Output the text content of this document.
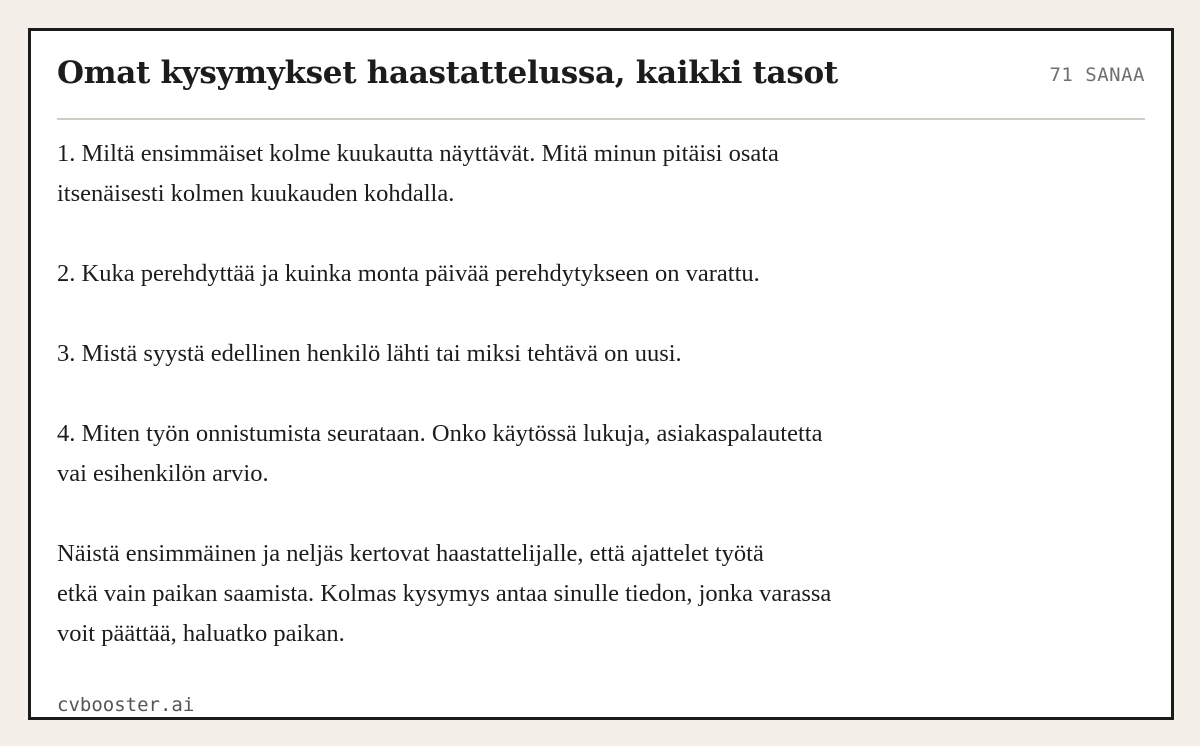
Omat kysymykset haastattelussa, kaikki tasot	71 SANAA

1. Miltä ensimmäiset kolme kuukautta näyttävät. Mitä minun pitäisi osata
itsenäisesti kolmen kuukauden kohdalla.

2. Kuka perehdyttää ja kuinka monta päivää perehdytykseen on varattu.

3. Mistä syystä edellinen henkilö lähti tai miksi tehtävä on uusi.

4. Miten työn onnistumista seurataan. Onko käytössä lukuja, asiakaspalautetta
vai esihenkilön arvio.

Näistä ensimmäinen ja neljäs kertovat haastattelijalle, että ajattelet työtä
etkä vain paikan saamista. Kolmas kysymys antaa sinulle tiedon, jonka varassa
voit päättää, haluatko paikan.

cvbooster.ai
